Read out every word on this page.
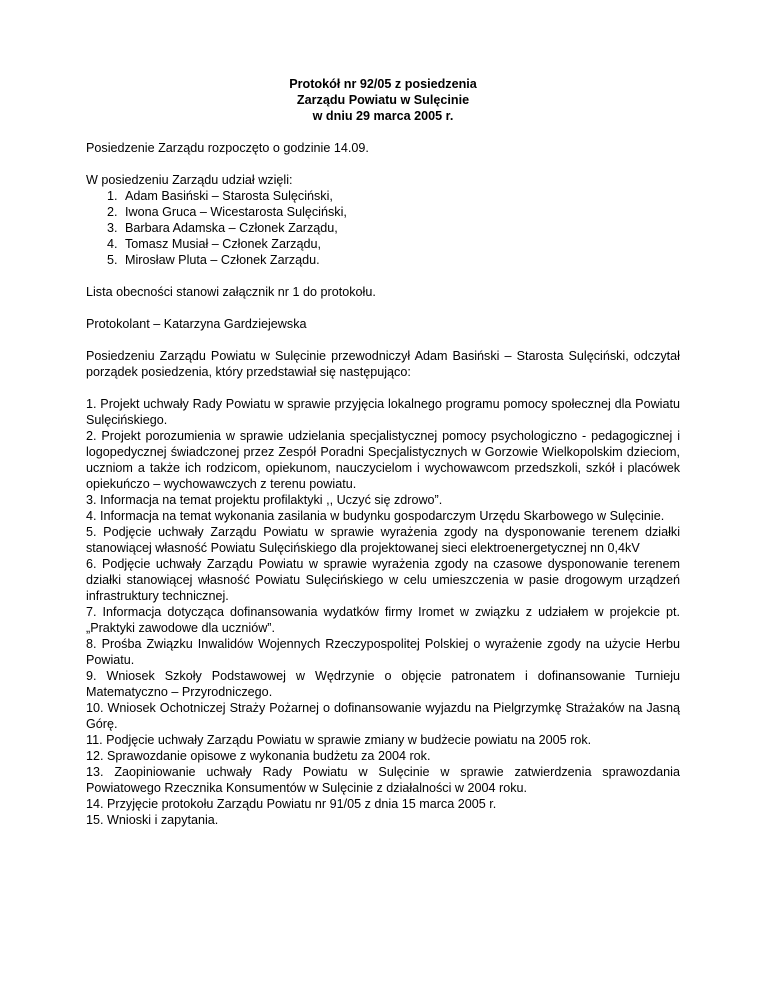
Protokół nr 92/05 z posiedzenia
Zarządu Powiatu w Sulęcinie
w dniu 29 marca 2005 r.

Posiedzenie Zarządu rozpoczęto o godzinie 14.09.

W posiedzeniu Zarządu udział wzięli:

1. Adam Basiński – Starosta Sulęciński,
2. Iwona Gruca – Wicestarosta Sulęciński,
3. Barbara Adamska – Członek Zarządu,
4. Tomasz Musiał – Członek Zarządu,
5. Mirosław Pluta – Członek Zarządu.

Lista obecności stanowi załącznik nr 1 do protokołu.

Protokolant – Katarzyna Gardziejewska

Posiedzeniu Zarządu Powiatu w Sulęcinie przewodniczył Adam Basiński – Starosta Sulęciński, odczytał porządek posiedzenia, który przedstawiał się następująco:

1. Projekt uchwały Rady Powiatu w sprawie przyjęcia lokalnego programu pomocy społecznej dla Powiatu Sulęcińskiego.
2. Projekt porozumienia w sprawie udzielania specjalistycznej pomocy psychologiczno - pedagogicznej i logopedycznej świadczonej przez Zespół Poradni Specjalistycznych w Gorzowie Wielkopolskim dzieciom, uczniom a także ich rodzicom, opiekunom, nauczycielom i wychowawcom przedszkoli, szkół i placówek opiekuńczo – wychowawczych z terenu powiatu.
3. Informacja na temat projektu profilaktyki ,, Uczyć się zdrowo”.
4. Informacja na temat wykonania zasilania w budynku gospodarczym Urzędu Skarbowego w Sulęcinie.
5. Podjęcie uchwały Zarządu Powiatu w sprawie wyrażenia zgody na dysponowanie terenem działki stanowiącej własność Powiatu Sulęcińskiego dla projektowanej sieci elektroenergetycznej nn 0,4kV
6. Podjęcie uchwały Zarządu Powiatu w sprawie wyrażenia zgody na czasowe dysponowanie terenem działki stanowiącej własność Powiatu Sulęcińskiego w celu umieszczenia w pasie drogowym urządzeń infrastruktury technicznej.
7. Informacja dotycząca dofinansowania wydatków firmy Iromet w związku z udziałem w projekcie pt. „Praktyki zawodowe dla uczniów”.
8. Prośba Związku Inwalidów Wojennych Rzeczypospolitej Polskiej o wyrażenie zgody na użycie Herbu Powiatu.
9. Wniosek Szkoły Podstawowej w Wędrzynie o objęcie patronatem i dofinansowanie Turnieju Matematyczno – Przyrodniczego.
10. Wniosek Ochotniczej Straży Pożarnej o dofinansowanie wyjazdu na Pielgrzymkę Strażaków na Jasną Górę.
11. Podjęcie uchwały Zarządu Powiatu w sprawie zmiany w budżecie powiatu na 2005 rok.
12. Sprawozdanie opisowe z wykonania budżetu za 2004 rok.
13. Zaopiniowanie uchwały Rady Powiatu w Sulęcinie w sprawie zatwierdzenia sprawozdania Powiatowego Rzecznika Konsumentów w Sulęcinie z działalności w 2004 roku.
14. Przyjęcie protokołu Zarządu Powiatu nr 91/05 z dnia 15 marca 2005 r.
15. Wnioski i zapytania.
